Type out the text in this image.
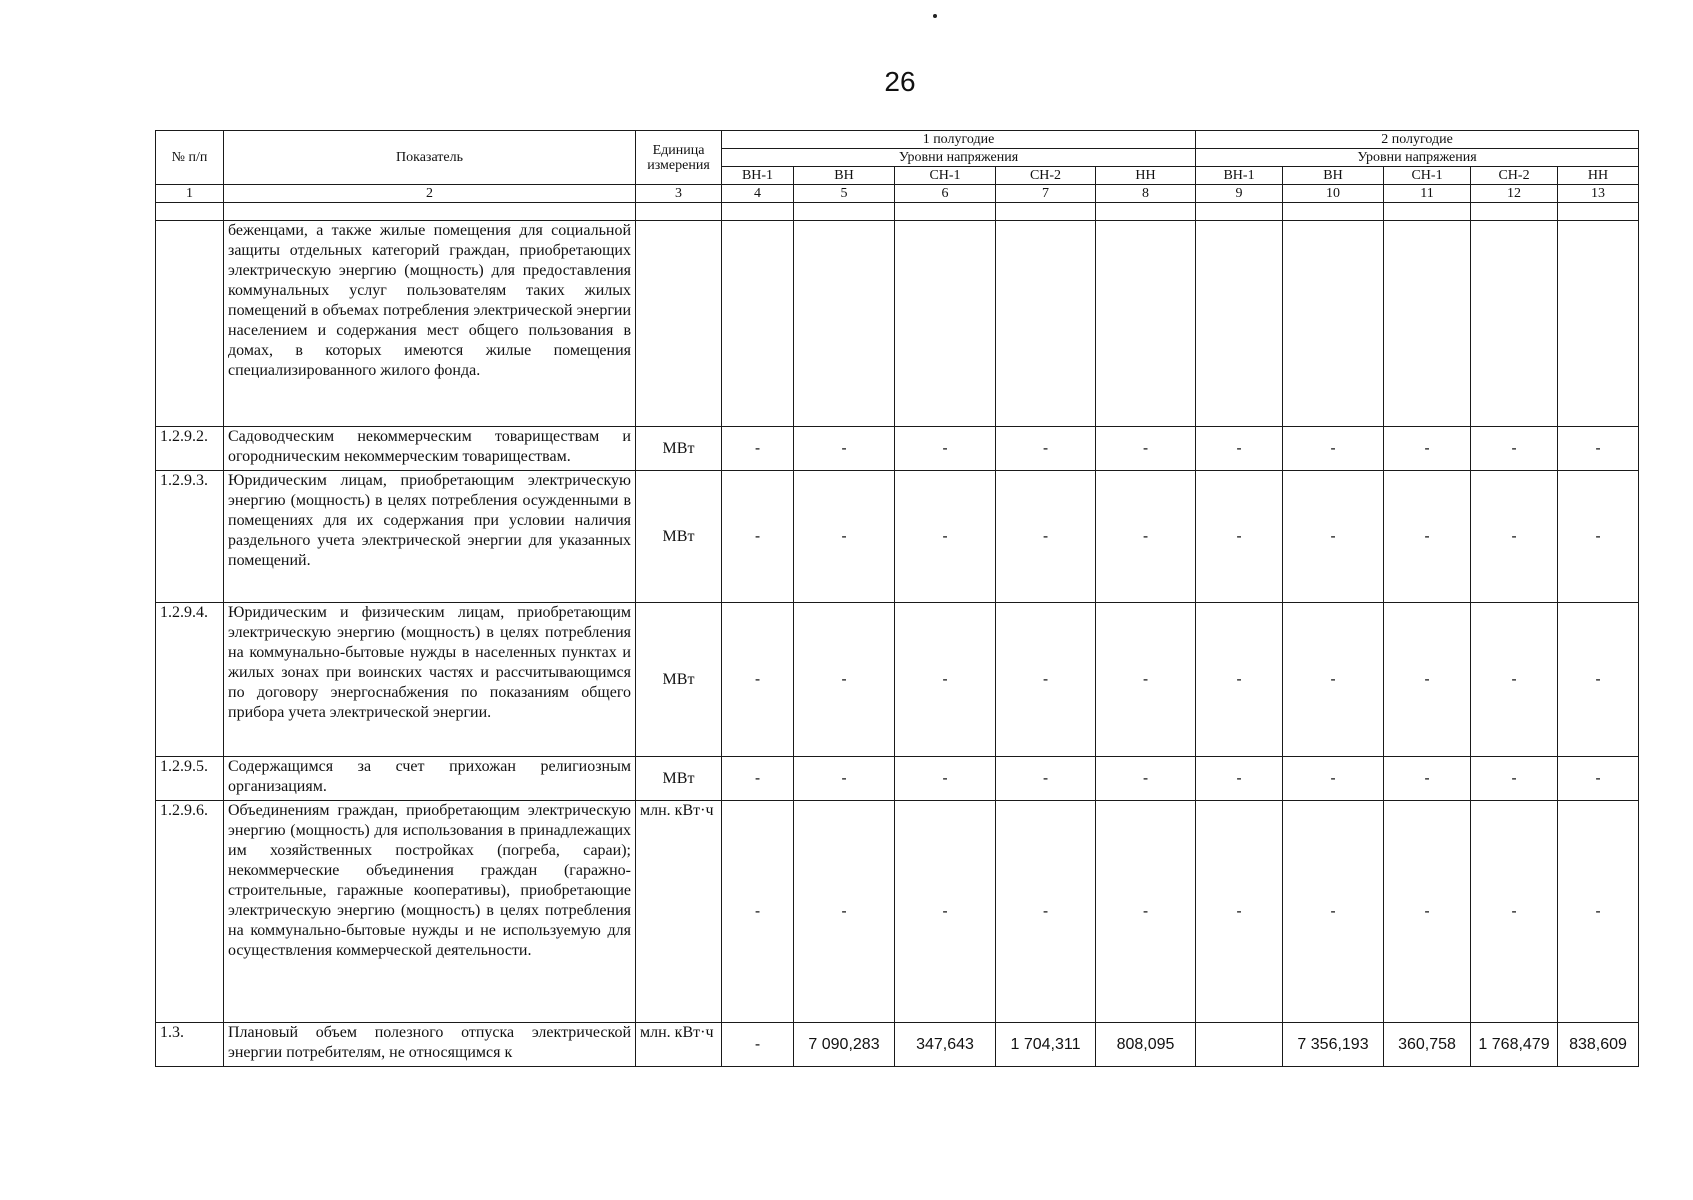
26
№ п/п	Показатель	Единица измерения	1 полугодие					2 полугодие				
			Уровни напряжения					Уровни напряжения				
			ВН-1	ВН	СН-1	СН-2	НН	ВН-1	ВН	СН-1	СН-2	НН
1	2	3	4	5	6	7	8	9	10	11	12	13

	беженцами, а также жилые помещения для социальной защиты отдельных категорий граждан, приобретающих электрическую энергию (мощность) для предоставления коммунальных услуг пользователям таких жилых помещений в объемах потребления электрической энергии населением и содержания мест общего пользования в домах, в которых имеются жилые помещения специализированного жилого фонда.											
1.2.9.2.	Садоводческим некоммерческим товариществам и огородническим некоммерческим товариществам.	МВт	-	-	-	-	-	-	-	-	-	-
1.2.9.3.	Юридическим лицам, приобретающим электрическую энергию (мощность) в целях потребления осужденными в помещениях для их содержания при условии наличия раздельного учета электрической энергии для указанных помещений.	МВт	-	-	-	-	-	-	-	-	-	-
1.2.9.4.	Юридическим и физическим лицам, приобретающим электрическую энергию (мощность) в целях потребления на коммунально-бытовые нужды в населенных пунктах и жилых зонах при воинских частях и рассчитывающимся по договору энергоснабжения по показаниям общего прибора учета электрической энергии.	МВт	-	-	-	-	-	-	-	-	-	-
1.2.9.5.	Содержащимся за счет прихожан религиозным организациям.	МВт	-	-	-	-	-	-	-	-	-	-
1.2.9.6.	Объединениям граждан, приобретающим электрическую энергию (мощность) для использования в принадлежащих им хозяйственных постройках (погреба, сараи); некоммерческие объединения граждан (гаражно-строительные, гаражные кооперативы), приобретающие электрическую энергию (мощность) в целях потребления на коммунально-бытовые нужды и не используемую для осуществления коммерческой деятельности.	млн. кВт·ч	-	-	-	-	-	-	-	-	-	-
1.3.	Плановый объем полезного отпуска электрической энергии потребителям, не относящимся к	млн. кВт·ч	-	7 090,283	347,643	1 704,311	808,095		7 356,193	360,758	1 768,479	838,609
